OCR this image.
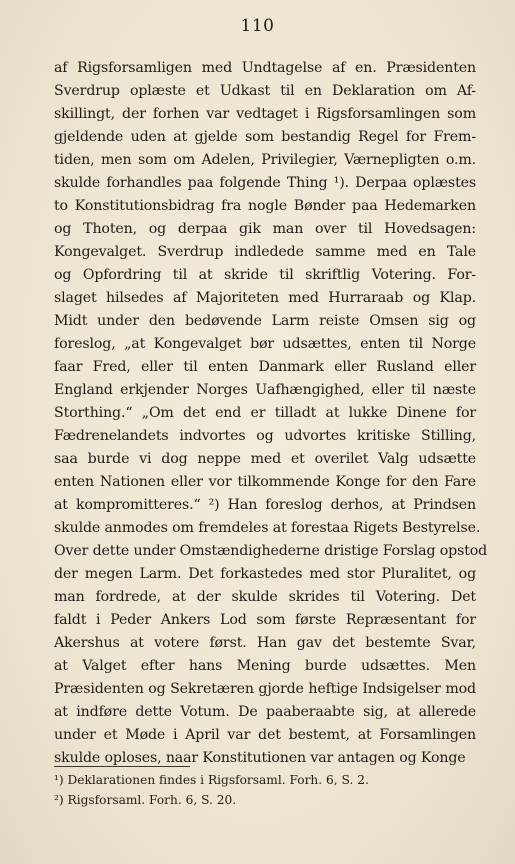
110
af Rigsforsamligen med Undtagelse af en. Præsidenten
Sverdrup oplæste et Udkast til en Deklaration om Af-
skillingt, der forhen var vedtaget i Rigsforsamlingen som
gjeldende uden at gjelde som bestandig Regel for Frem-
tiden, men som om Adelen, Privilegier, Værnepligten o.m.
skulde forhandles paa folgende Thing ¹). Derpaa oplæstes
to Konstitutionsbidrag fra nogle Bønder paa Hedemarken
og Thoten, og derpaa gik man over til Hovedsagen:
Kongevalget. Sverdrup indledede samme med en Tale
og Opfordring til at skride til skriftlig Votering. For-
slaget hilsedes af Majoriteten med Hurraraab og Klap.
Midt under den bedøvende Larm reiste Omsen sig og
foreslog, „at Kongevalget bør udsættes, enten til Norge
faar Fred, eller til enten Danmark eller Rusland eller
England erkjender Norges Uafhængighed, eller til næste
Storthing.“ „Om det end er tilladt at lukke Dinene for
Fædrenelandets indvortes og udvortes kritiske Stilling,
saa burde vi dog neppe med et overilet Valg udsætte
enten Nationen eller vor tilkommende Konge for den Fare
at kompromitteres.“ ²) Han foreslog derhos, at Prindsen
skulde anmodes om fremdeles at forestaa Rigets Bestyrelse.
Over dette under Omstændighederne dristige Forslag opstod
der megen Larm. Det forkastedes med stor Pluralitet, og
man fordrede, at der skulde skrides til Votering. Det
faldt i Peder Ankers Lod som første Repræsentant for
Akershus at votere først. Han gav det bestemte Svar,
at Valget efter hans Mening burde udsættes. Men
Præsidenten og Sekretæren gjorde heftige Indsigelser mod
at indføre dette Votum. De paaberaabte sig, at allerede
under et Møde i April var det bestemt, at Forsamlingen
skulde oploses, naar Konstitutionen var antagen og Konge
¹) Deklarationen findes i Rigsforsaml. Forh. 6, S. 2.
²) Rigsforsaml. Forh. 6, S. 20.
